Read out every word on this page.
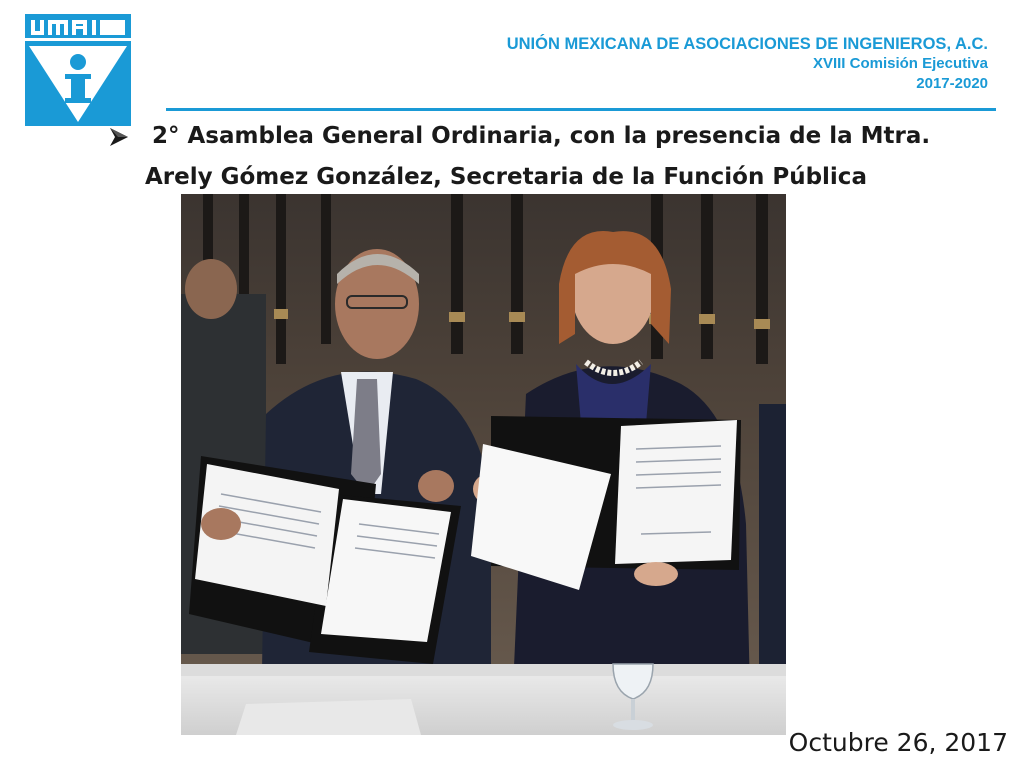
UNIÓN MEXICANA DE ASOCIACIONES DE INGENIEROS, A.C.
XVIII Comisión Ejecutiva
2017-2020
2° Asamblea General Ordinaria, con la presencia de la Mtra.
Arely Gómez González, Secretaria de la Función Pública
Octubre 26, 2017
